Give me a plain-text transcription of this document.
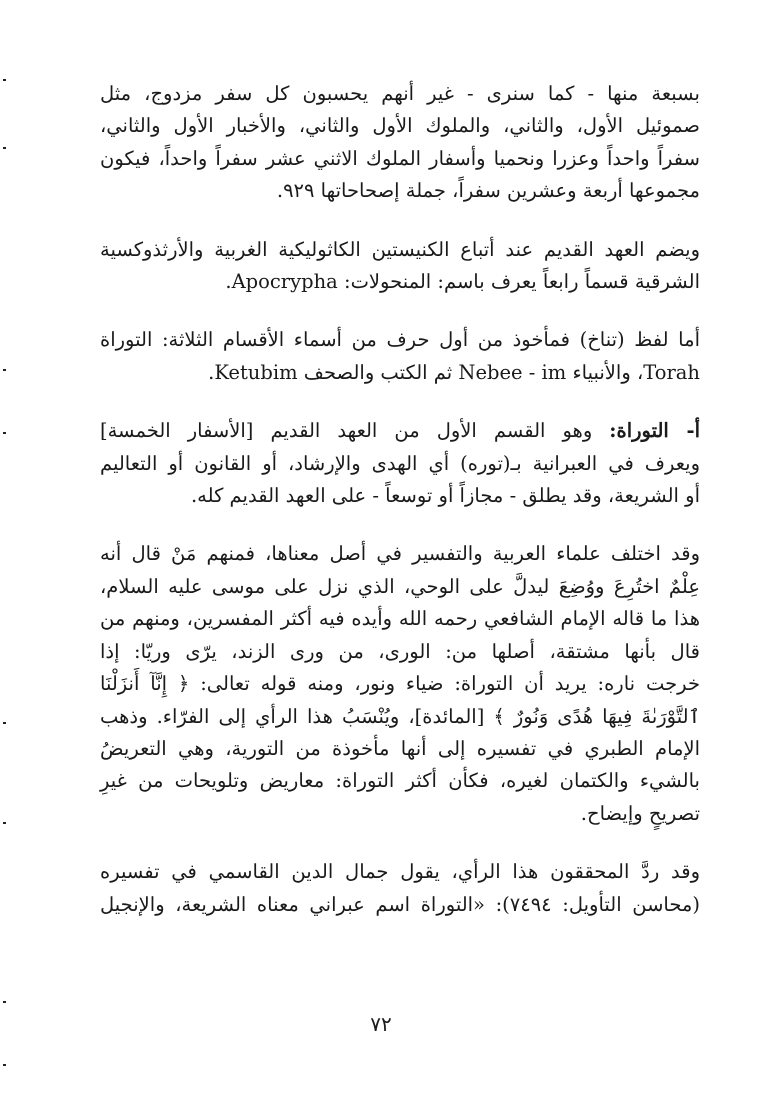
بسبعة منها - كما سنرى - غير أنهم يحسبون كل سفر مزدوج، مثل
صموئيل الأول، والثاني، والملوك الأول والثاني، والأخبار الأول والثاني،
سفراً واحداً وعزرا ونحميا وأسفار الملوك الاثني عشر سفراً واحداً، فيكون
مجموعها أربعة وعشرين سفراً، جملة إصحاحاتها ٩٢٩.

ويضم العهد القديم عند أتباع الكنيستين الكاثوليكية الغربية والأرثذوكسية
الشرقية قسماً رابعاً يعرف باسم: المنحولات: Apocrypha.

أما لفظ (تناخ) فمأخوذ من أول حرف من أسماء الأقسام الثلاثة: التوراة
Torah، والأنبياء Nebee - im ثم الكتب والصحف Ketubim.

أ- التوراة: وهو القسم الأول من العهد القديم [الأسفار الخمسة]
ويعرف في العبرانية بـ(توره) أي الهدى والإرشاد، أو القانون أو التعاليم
أو الشريعة، وقد يطلق - مجازاً أو توسعاً - على العهد القديم كله.

وقد اختلف علماء العربية والتفسير في أصل معناها، فمنهم مَنْ قال أنه
عِلْمٌ اختُرِعَ ووُضِعَ ليدلَّ على الوحي، الذي نزل على موسى عليه السلام،
هذا ما قاله الإمام الشافعي رحمه الله وأيده فيه أكثر المفسرين، ومنهم من
قال بأنها مشتقة، أصلها من: الورى، من ورى الزند، يرّى وريّا: إذا
خرجت ناره: يريد أن التوراة: ضياء ونور، ومنه قوله تعالى: ﴿ إِنَّآ أَنزَلْنَا
ٱلتَّوْرَىٰةَ فِيهَا هُدًى وَنُورٌ ﴾ [المائدة]، ويُنْسَبُ هذا الرأي إلى الفرّاء. وذهب
الإمام الطبري في تفسيره إلى أنها مأخوذة من التورية، وهي التعريضُ
بالشيء والكتمان لغيره، فكأن أكثر التوراة: معاريض وتلويحات من غيرِ
تصريحٍ وإيضاح.

وقد ردَّ المحققون هذا الرأي، يقول جمال الدين القاسمي في تفسيره
(محاسن التأويل: ٧٤٩٤): «التوراة اسم عبراني معناه الشريعة، والإنجيل

٧٢
